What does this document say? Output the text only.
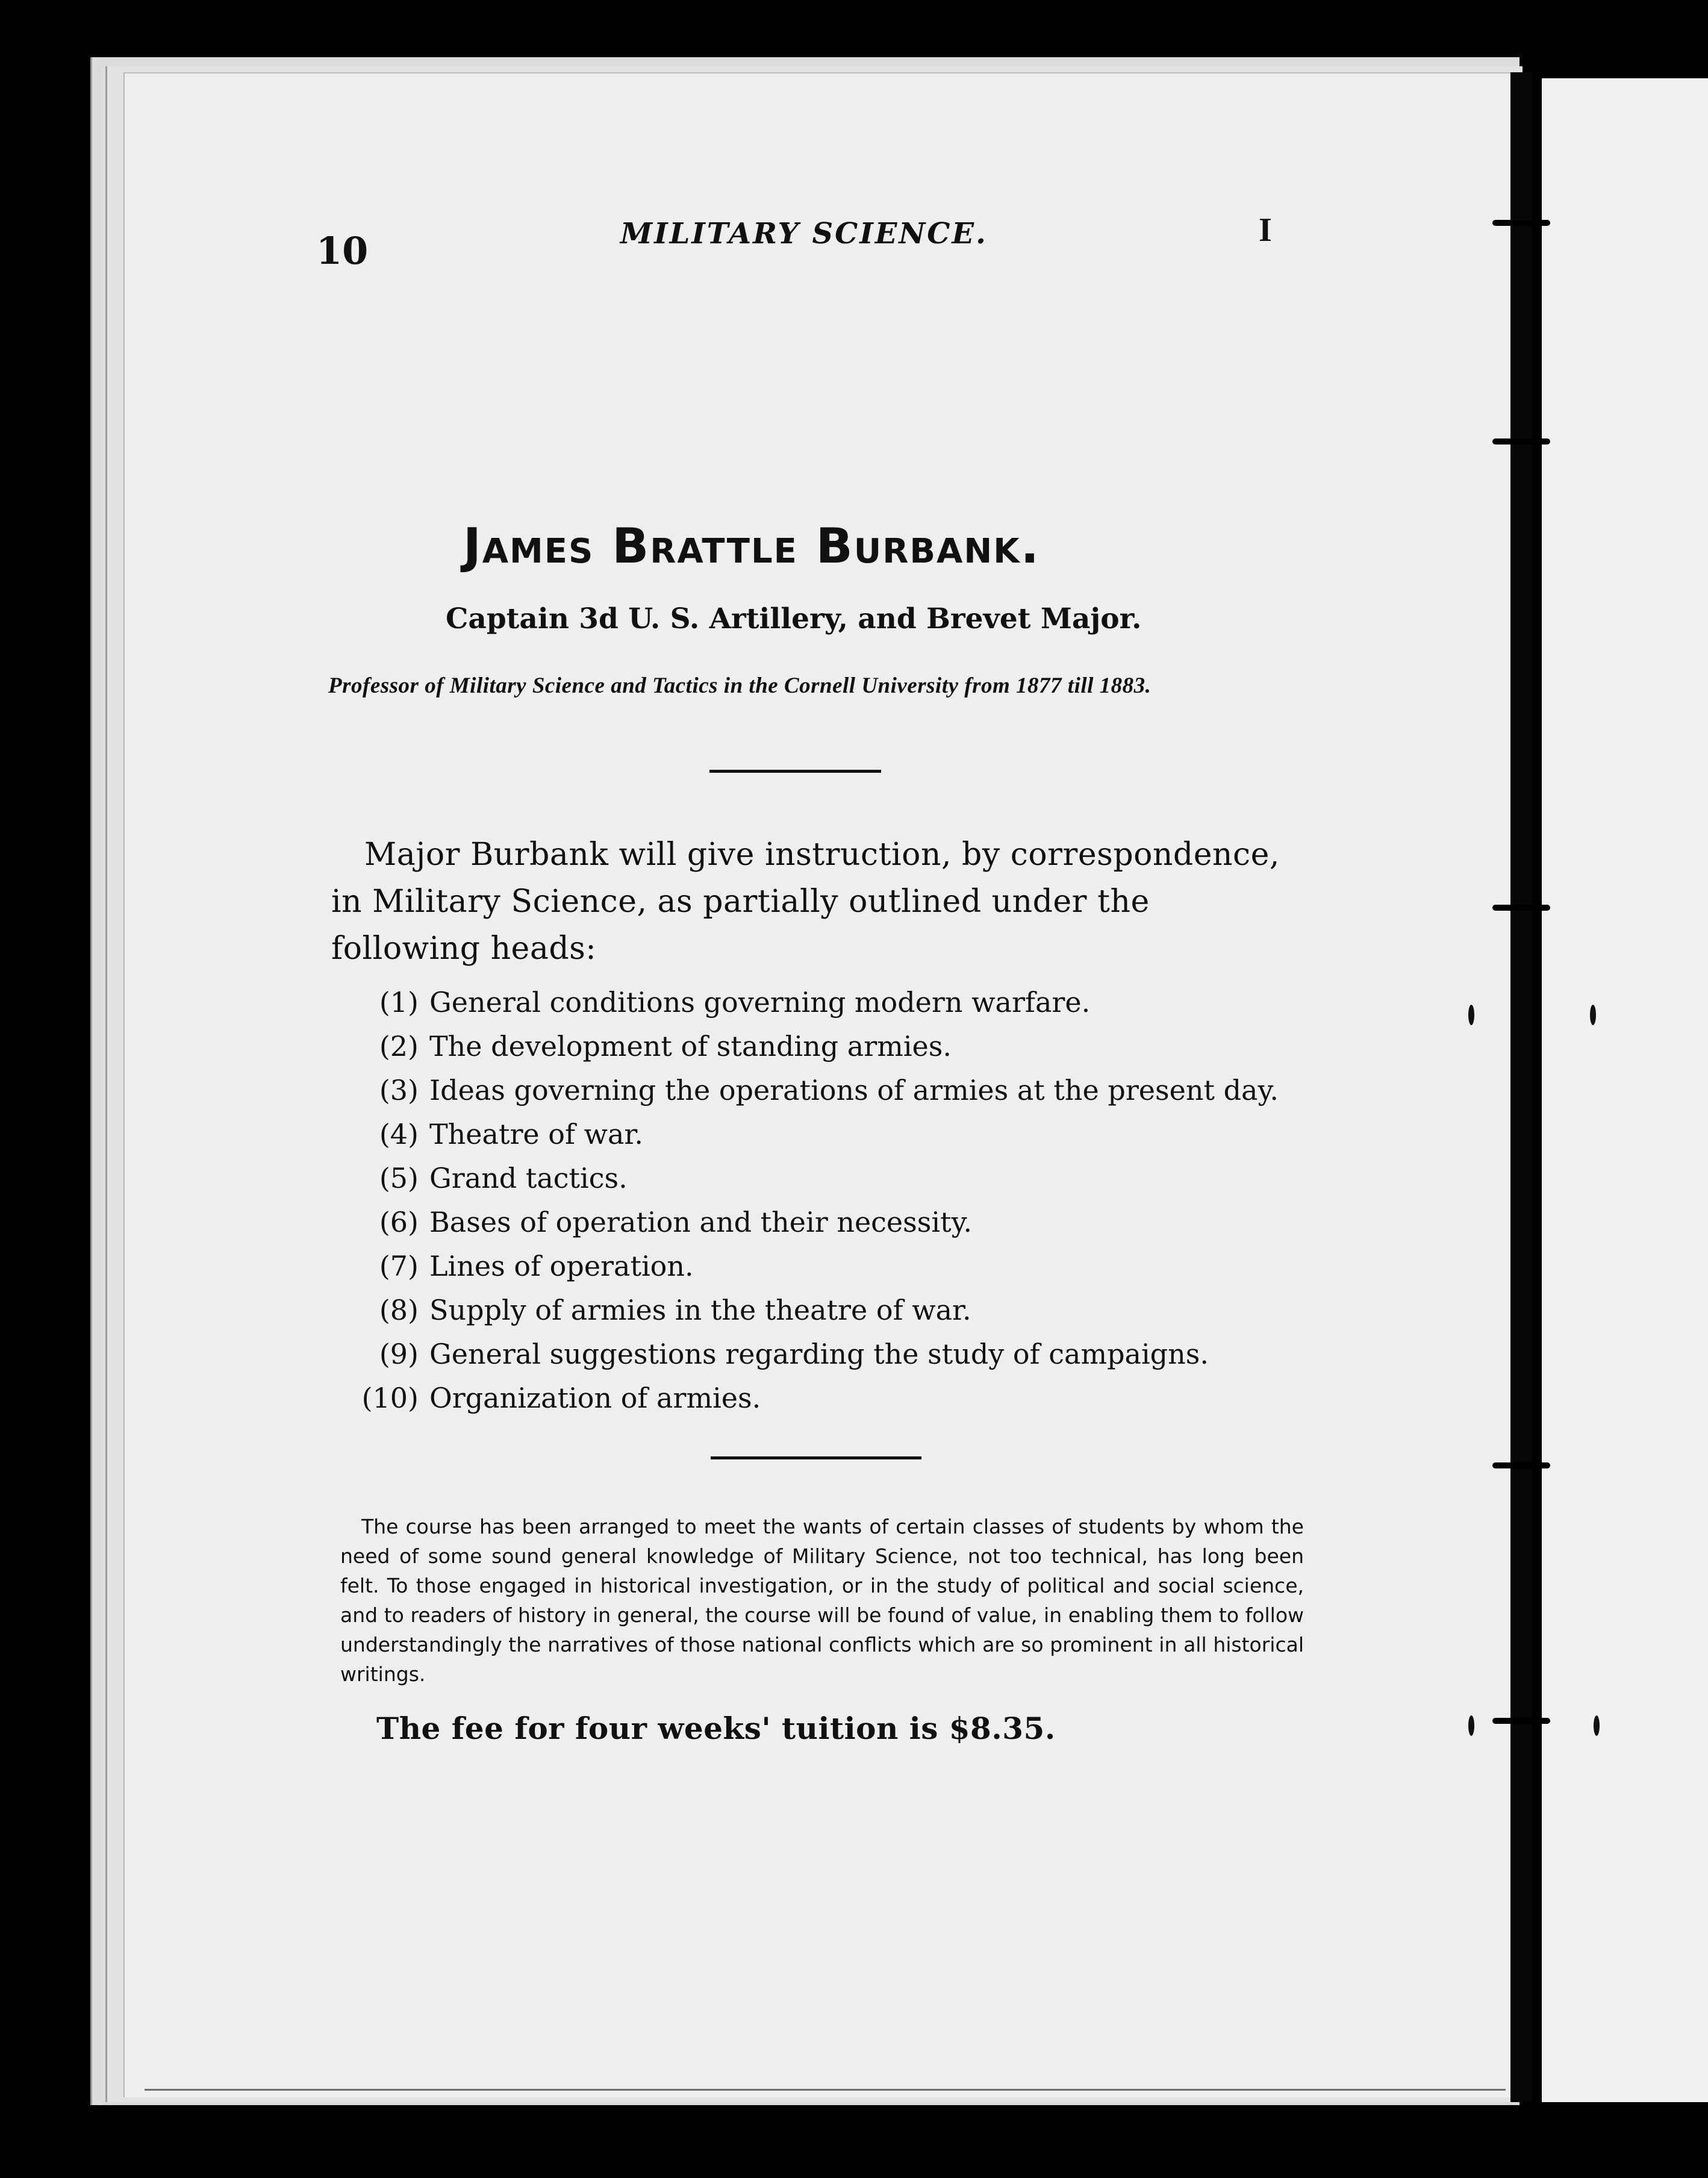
10	MILITARY SCIENCE.	I

James Brattle Burbank.

Captain 3d U. S. Artillery, and Brevet Major.

Professor of Military Science and Tactics in the Cornell University from 1877 till 1883.

Major Burbank will give instruction, by correspondence, in Military Science, as partially outlined under the following heads:

(1) General conditions governing modern warfare.
(2) The development of standing armies.
(3) Ideas governing the operations of armies at the present day.
(4) Theatre of war.
(5) Grand tactics.
(6) Bases of operation and their necessity.
(7) Lines of operation.
(8) Supply of armies in the theatre of war.
(9) General suggestions regarding the study of campaigns.
(10) Organization of armies.

The course has been arranged to meet the wants of certain classes of students by whom the need of some sound general knowledge of Military Science, not too technical, has long been felt. To those engaged in historical investigation, or in the study of political and social science, and to readers of history in general, the course will be found of value, in enabling them to follow understandingly the narratives of those national conflicts which are so prominent in all historical writings.

The fee for four weeks' tuition is $8.35.
